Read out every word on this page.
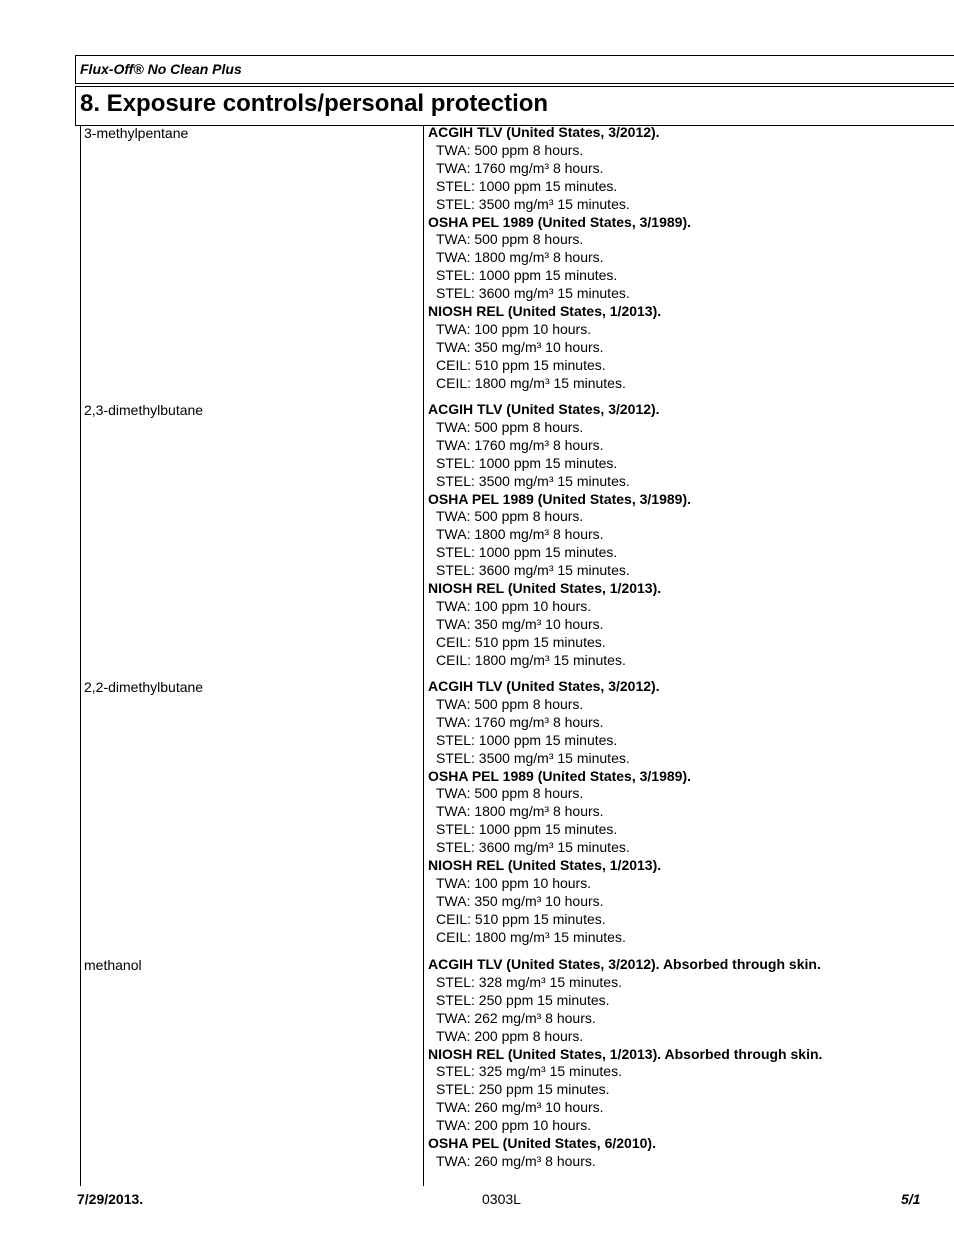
Flux-Off® No Clean Plus
8. Exposure controls/personal protection
3-methylpentane	ACGIH TLV (United States, 3/2012).
TWA: 500 ppm 8 hours.
TWA: 1760 mg/m³ 8 hours.
STEL: 1000 ppm 15 minutes.
STEL: 3500 mg/m³ 15 minutes.
OSHA PEL 1989 (United States, 3/1989).
TWA: 500 ppm 8 hours.
TWA: 1800 mg/m³ 8 hours.
STEL: 1000 ppm 15 minutes.
STEL: 3600 mg/m³ 15 minutes.
NIOSH REL (United States, 1/2013).
TWA: 100 ppm 10 hours.
TWA: 350 mg/m³ 10 hours.
CEIL: 510 ppm 15 minutes.
CEIL: 1800 mg/m³ 15 minutes.
2,3-dimethylbutane	ACGIH TLV (United States, 3/2012).
TWA: 500 ppm 8 hours.
TWA: 1760 mg/m³ 8 hours.
STEL: 1000 ppm 15 minutes.
STEL: 3500 mg/m³ 15 minutes.
OSHA PEL 1989 (United States, 3/1989).
TWA: 500 ppm 8 hours.
TWA: 1800 mg/m³ 8 hours.
STEL: 1000 ppm 15 minutes.
STEL: 3600 mg/m³ 15 minutes.
NIOSH REL (United States, 1/2013).
TWA: 100 ppm 10 hours.
TWA: 350 mg/m³ 10 hours.
CEIL: 510 ppm 15 minutes.
CEIL: 1800 mg/m³ 15 minutes.
2,2-dimethylbutane	ACGIH TLV (United States, 3/2012).
TWA: 500 ppm 8 hours.
TWA: 1760 mg/m³ 8 hours.
STEL: 1000 ppm 15 minutes.
STEL: 3500 mg/m³ 15 minutes.
OSHA PEL 1989 (United States, 3/1989).
TWA: 500 ppm 8 hours.
TWA: 1800 mg/m³ 8 hours.
STEL: 1000 ppm 15 minutes.
STEL: 3600 mg/m³ 15 minutes.
NIOSH REL (United States, 1/2013).
TWA: 100 ppm 10 hours.
TWA: 350 mg/m³ 10 hours.
CEIL: 510 ppm 15 minutes.
CEIL: 1800 mg/m³ 15 minutes.
methanol	ACGIH TLV (United States, 3/2012). Absorbed through skin.
STEL: 328 mg/m³ 15 minutes.
STEL: 250 ppm 15 minutes.
TWA: 262 mg/m³ 8 hours.
TWA: 200 ppm 8 hours.
NIOSH REL (United States, 1/2013). Absorbed through skin.
STEL: 325 mg/m³ 15 minutes.
STEL: 250 ppm 15 minutes.
TWA: 260 mg/m³ 10 hours.
TWA: 200 ppm 10 hours.
OSHA PEL (United States, 6/2010).
TWA: 260 mg/m³ 8 hours.
7/29/2013.	0303L	5/1
